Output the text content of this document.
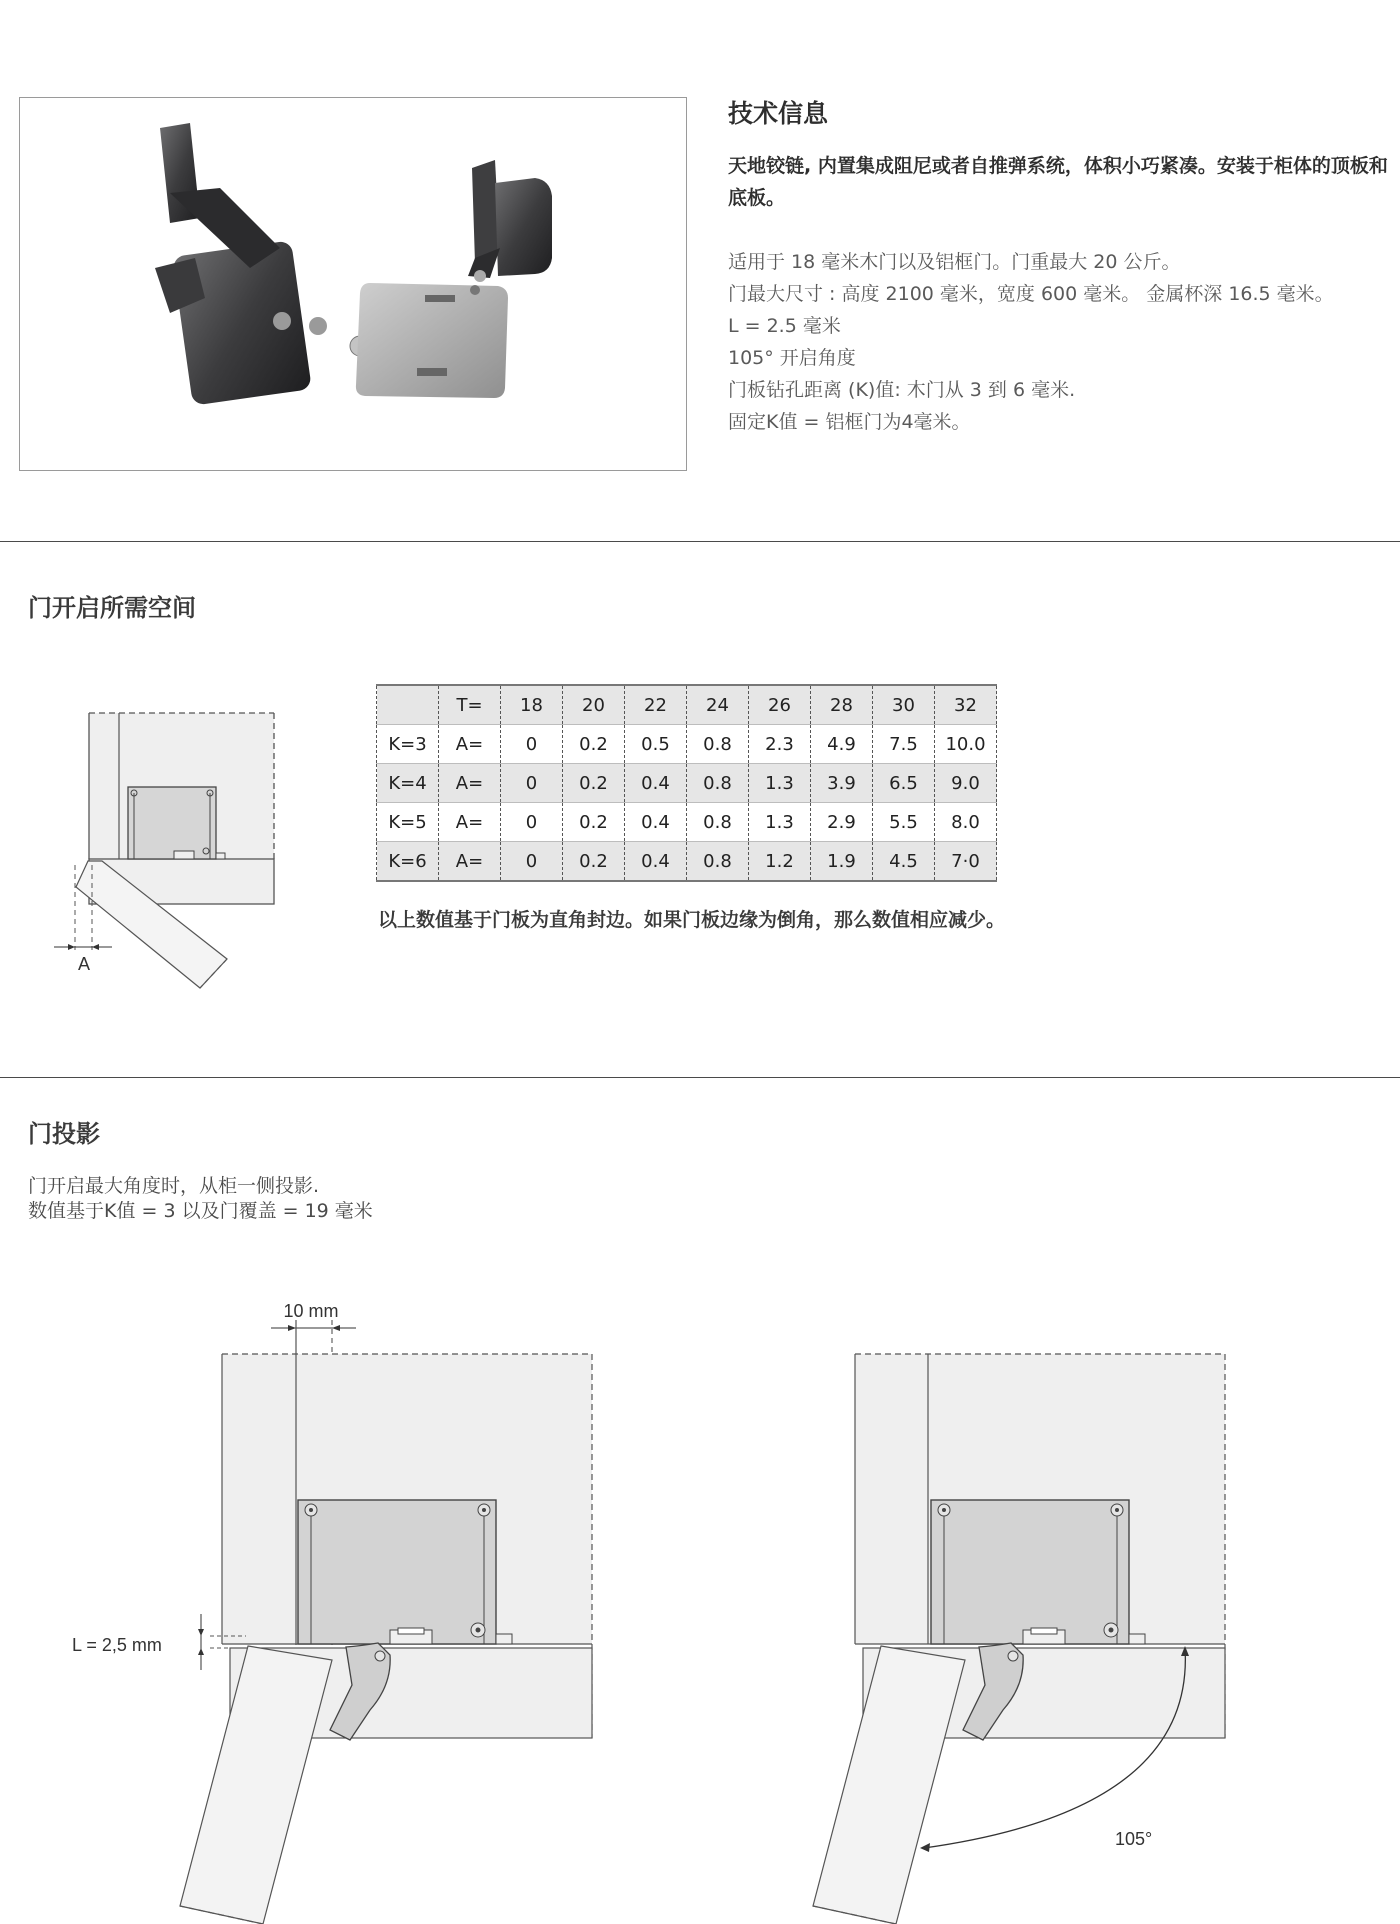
技术信息
天地铰链, 内置集成阻尼或者自推弹系统，体积小巧紧凑。安装于柜体的顶板和底板。
适用于 18 毫米木门以及铝框门。门重最大 20 公斤。
门最大尺寸 : 高度 2100 毫米，宽度 600 毫米。 金属杯深 16.5 毫米。
L = 2.5 毫米
105° 开启角度
门板钻孔距离 (K)值: 木门从 3 到 6 毫米.
固定K值 = 铝框门为4毫米。
门开启所需空间
A
	T=	18	20	22	24	26	28	30	32
K=3	A=	0	0.2	0.5	0.8	2.3	4.9	7.5	10.0
K=4	A=	0	0.2	0.4	0.8	1.3	3.9	6.5	9.0
K=5	A=	0	0.2	0.4	0.8	1.3	2.9	5.5	8.0
K=6	A=	0	0.2	0.4	0.8	1.2	1.9	4.5	7·0
以上数值基于门板为直角封边。如果门板边缘为倒角，那么数值相应减少。
门投影
门开启最大角度时，从柜一侧投影.
数值基于K值 = 3 以及门覆盖 = 19 毫米
10 mm
L = 2,5 mm
105°
